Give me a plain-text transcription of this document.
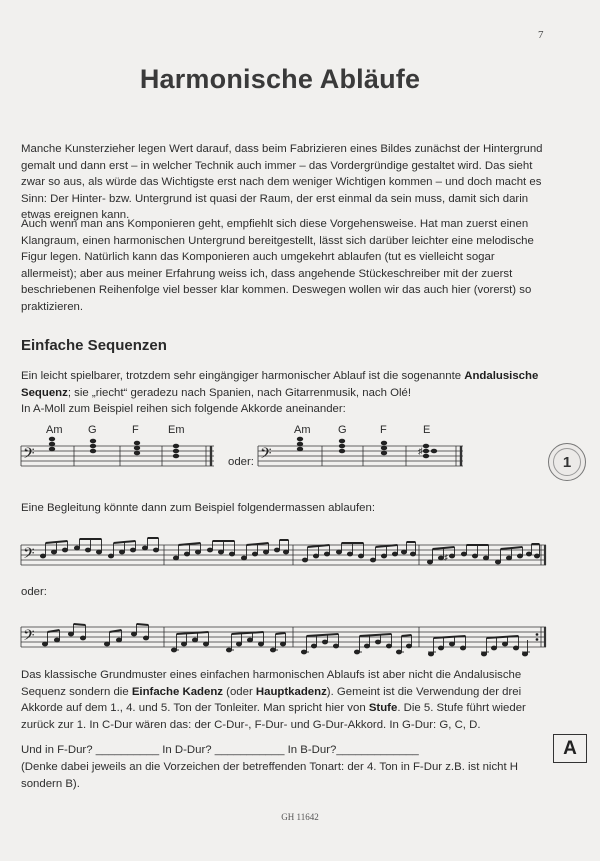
7
Harmonische Abläufe

Manche Kunsterzieher legen Wert darauf, dass beim Fabrizieren eines Bildes zunächst der Hintergrund gemalt und dann erst – in welcher Technik auch immer – das Vordergründige gestaltet wird. Das sieht zwar so aus, als würde das Wichtigste erst nach dem weniger Wichtigen kommen – und doch macht es Sinn: Der Hinter- bzw. Untergrund ist quasi der Raum, der erst einmal da sein muss, damit sich darin etwas ereignen kann.

Auch wenn man ans Komponieren geht, empfiehlt sich diese Vorgehensweise. Hat man zuerst einen Klangraum, einen harmonischen Untergrund bereitgestellt, lässt sich darüber leichter eine melodische Figur legen. Natürlich kann das Komponieren auch umgekehrt ablaufen (tut es vielleicht sogar allermeist); aber aus meiner Erfahrung weiss ich, dass angehende Stückeschreiber mit der zuerst beschriebenen Reihenfolge viel besser klar kommen. Deswegen wollen wir das auch hier (vorerst) so praktizieren.

Einfache Sequenzen

Ein leicht spielbarer, trotzdem sehr eingängiger harmonischer Ablauf ist die sogenannte Andalusische Sequenz; sie „riecht“ geradezu nach Spanien, nach Gitarrenmusik, nach Olé!
In A-Moll zum Beispiel reihen sich folgende Akkorde aneinander:

𝄢
Am G	F	Em
oder: 𝄢
Am	G	F	E
♯
1
Eine Begleitung könnte dann zum Beispiel folgendermassen ablaufen:
𝄢	♯
oder:
𝄢

Das klassische Grundmuster eines einfachen harmonischen Ablaufs ist aber nicht die Andalusische Sequenz sondern die Einfache Kadenz (oder Hauptkadenz). Gemeint ist die Verwendung der drei Akkorde auf dem 1., 4. und 5. Ton der Tonleiter. Man spricht hier von Stufe. Die 5. Stufe führt wieder zurück zur 1. In C-Dur wären das: der C-Dur-, F-Dur- und G-Dur-Akkord. In G-Dur: G, C, D.

Und in F-Dur? __________ In D-Dur? ___________ In B-Dur?_____________
(Denke dabei jeweils an die Vorzeichen der betreffenden Tonart: der 4. Ton in F-Dur z.B. ist nicht H sondern B).
A
GH 11642
